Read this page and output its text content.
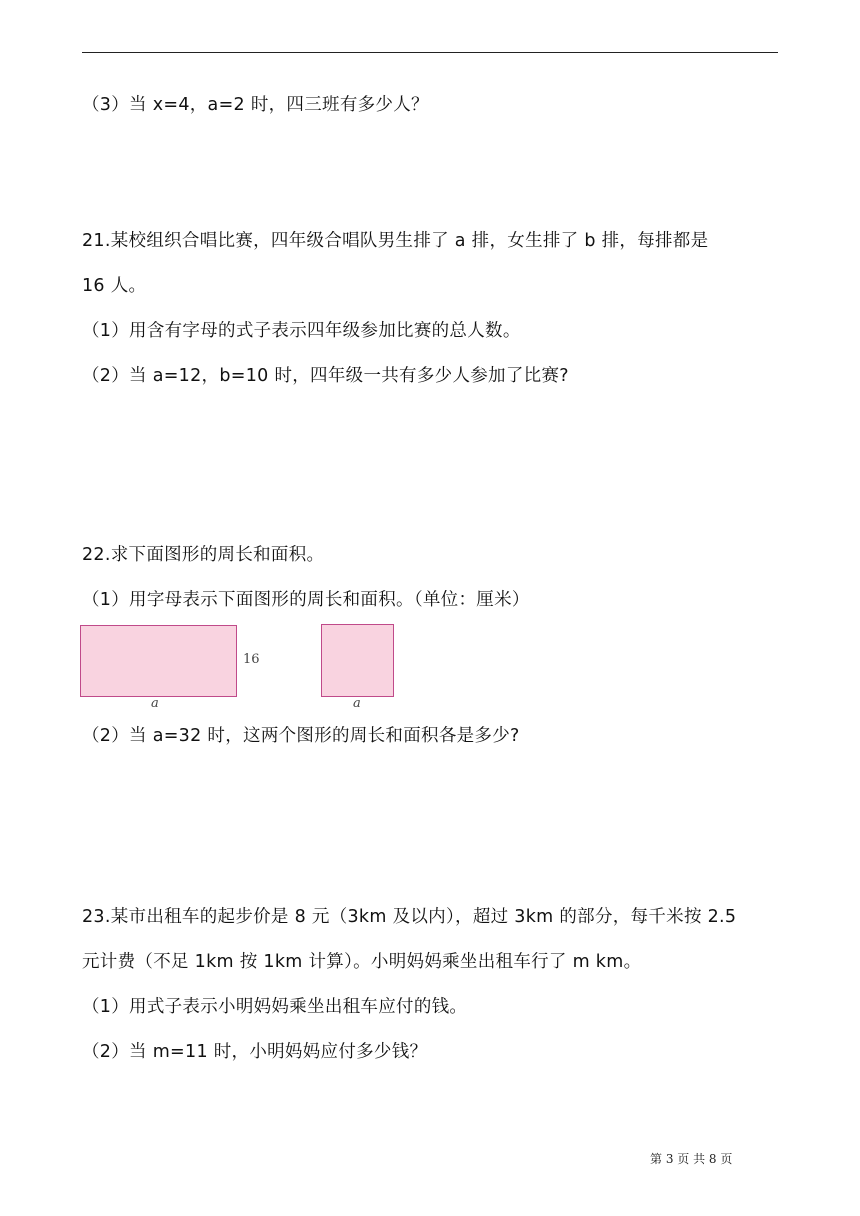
（3）当 x=4，a=2 时，四三班有多少人？
21.某校组织合唱比赛，四年级合唱队男生排了 a 排，女生排了 b 排，每排都是
16 人。
（1）用含有字母的式子表示四年级参加比赛的总人数。
（2）当 a=12，b=10 时，四年级一共有多少人参加了比赛?
22.求下面图形的周长和面积。
（1）用字母表示下面图形的周长和面积。（单位：厘米）
16
a	a
（2）当 a=32 时，这两个图形的周长和面积各是多少?
23.某市出租车的起步价是 8 元（3km 及以内），超过 3km 的部分，每千米按 2.5
元计费（不足 1km 按 1km 计算）。小明妈妈乘坐出租车行了 m km。
（1）用式子表示小明妈妈乘坐出租车应付的钱。
（2）当 m=11 时，小明妈妈应付多少钱？
第 3 页 共 8 页
